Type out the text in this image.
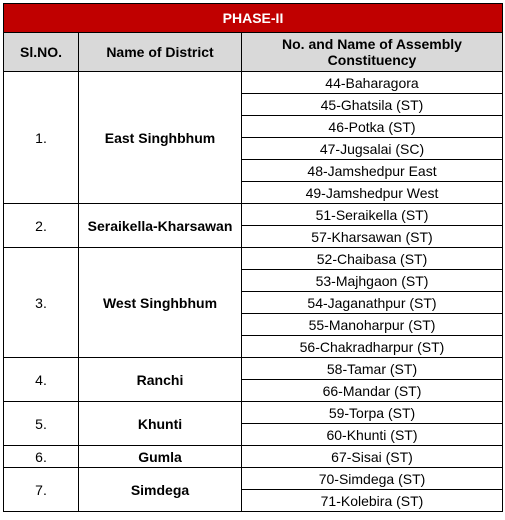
PHASE-II		
Sl.NO.	Name of District	No. and Name of Assembly Constituency
1.	East Singhbhum	44-Baharagora
		45-Ghatsila (ST)
		46-Potka (ST)
		47-Jugsalai (SC)
		48-Jamshedpur East
		49-Jamshedpur West
2.	Seraikella-Kharsawan	51-Seraikella (ST)
		57-Kharsawan (ST)
3.	West Singhbhum	52-Chaibasa (ST)
		53-Majhgaon (ST)
		54-Jaganathpur (ST)
		55-Manoharpur (ST)
		56-Chakradharpur (ST)
4.	Ranchi	58-Tamar (ST)
		66-Mandar (ST)
5.	Khunti	59-Torpa (ST)
		60-Khunti (ST)
6.	Gumla	67-Sisai (ST)
7.	Simdega	70-Simdega (ST)
		71-Kolebira (ST)
